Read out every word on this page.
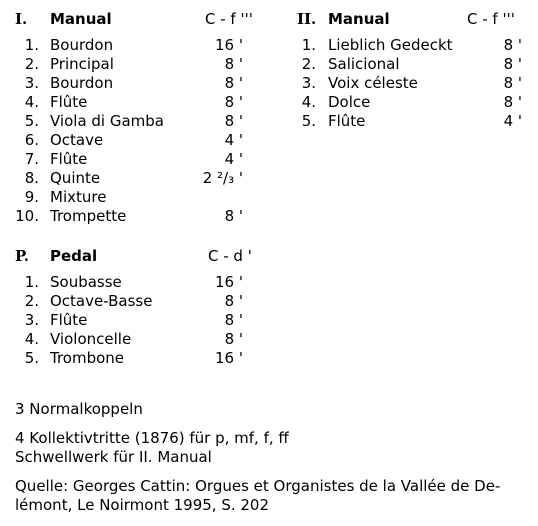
I. Manual	C - f '''
1. Bourdon	16 '
2. Principal	8 '
3. Bourdon	8 '
4. Flûte	8 '
5. Viola di Gamba	8 '
6. Octave	4 '
7. Flûte	4 '
8. Quinte	2 ²/₃ '
9. Mixture
10. Trompette	8 '
II. Manual	C - f '''
1. Lieblich Gedeckt	8 '
2. Salicional	8 '
3. Voix céleste	8 '
4. Dolce	8 '
5. Flûte	4 '
P. Pedal	C - d '
1. Soubasse	16 '
2. Octave-Basse	8 '
3. Flûte	8 '
4. Violoncelle	8 '
5. Trombone	16 '
3 Normalkoppeln
4 Kollektivtritte (1876) für p, mf, f, ff
Schwellwerk für II. Manual
Quelle: Georges Cattin: Orgues et Organistes de la Vallée de De-
lémont, Le Noirmont 1995, S. 202
